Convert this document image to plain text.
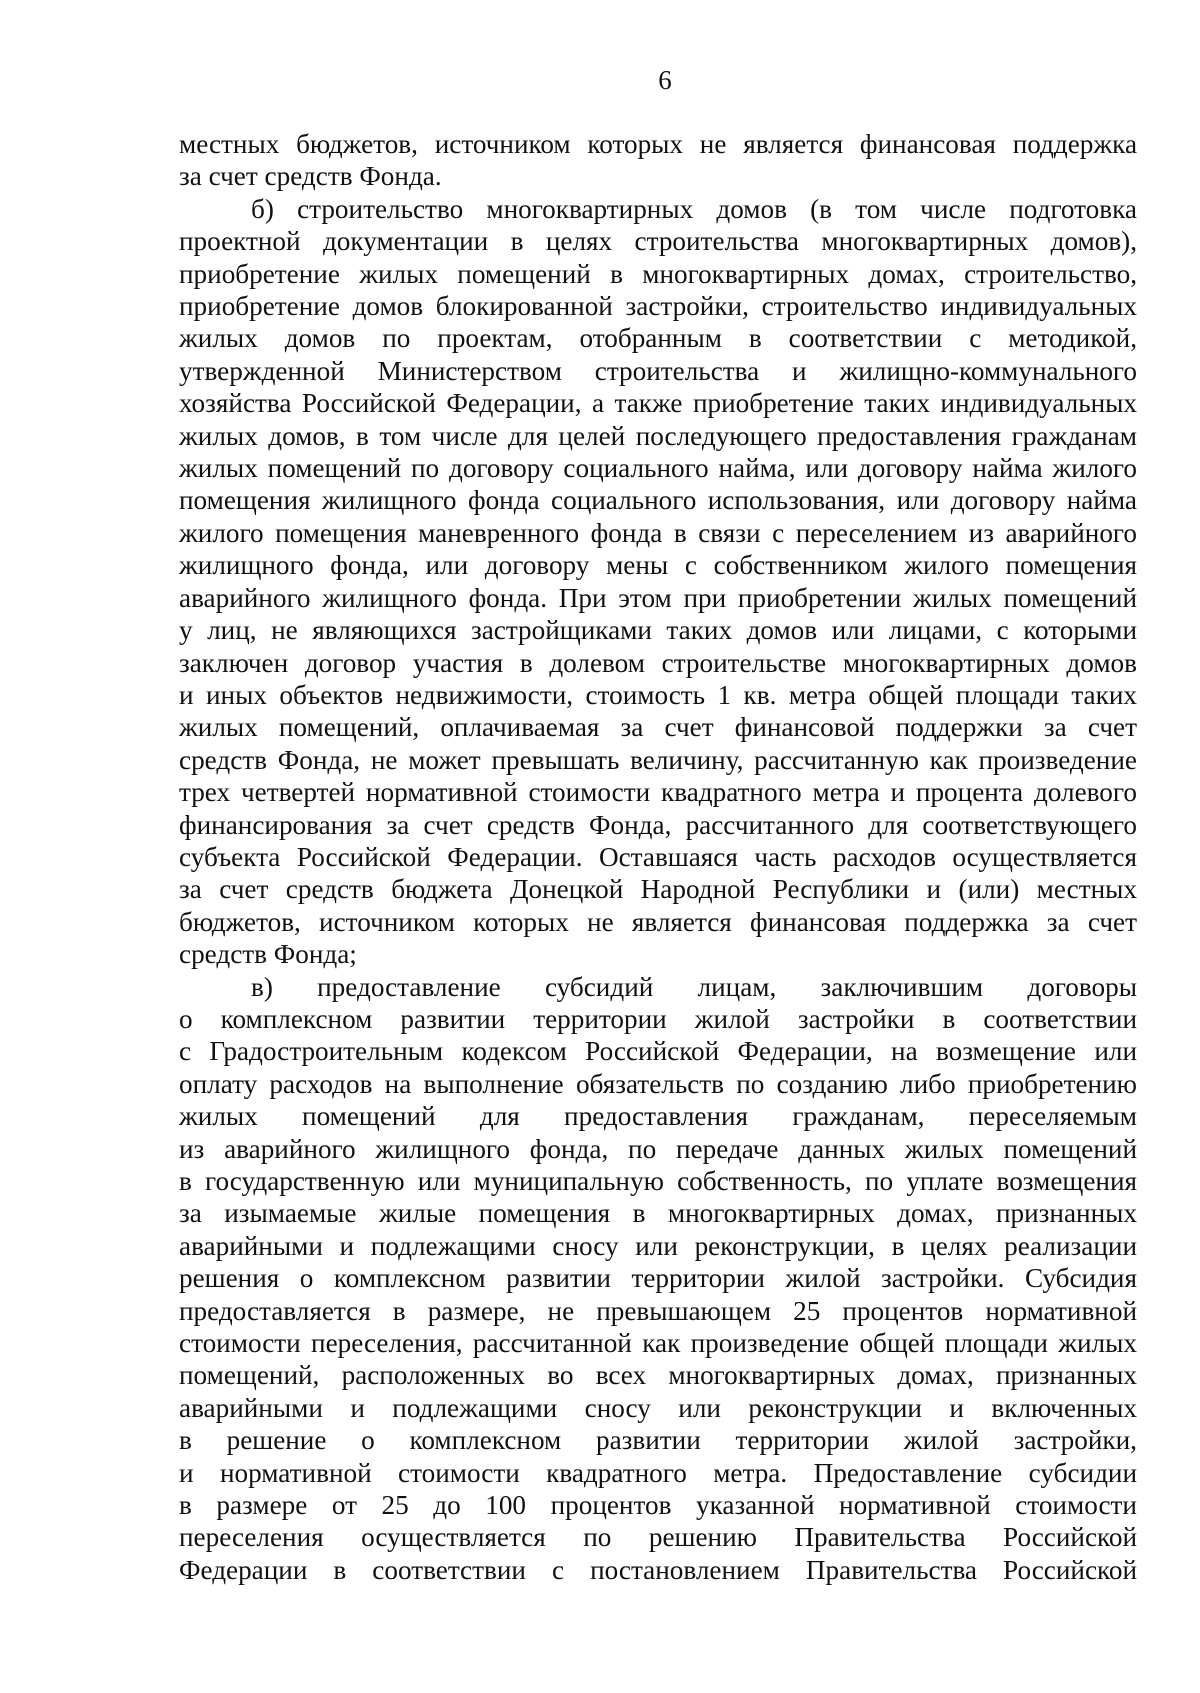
6
местных бюджетов, источником которых не является финансовая поддержка
за счет средств Фонда.
б) строительство многоквартирных домов (в том числе подготовка
проектной документации в целях строительства многоквартирных домов),
приобретение жилых помещений в многоквартирных домах, строительство,
приобретение домов блокированной застройки, строительство индивидуальных
жилых домов по проектам, отобранным в соответствии с методикой,
утвержденной Министерством строительства и жилищно-коммунального
хозяйства Российской Федерации, а также приобретение таких индивидуальных
жилых домов, в том числе для целей последующего предоставления гражданам
жилых помещений по договору социального найма, или договору найма жилого
помещения жилищного фонда социального использования, или договору найма
жилого помещения маневренного фонда в связи с переселением из аварийного
жилищного фонда, или договору мены с собственником жилого помещения
аварийного жилищного фонда. При этом при приобретении жилых помещений
у лиц, не являющихся застройщиками таких домов или лицами, с которыми
заключен договор участия в долевом строительстве многоквартирных домов
и иных объектов недвижимости, стоимость 1 кв. метра общей площади таких
жилых помещений, оплачиваемая за счет финансовой поддержки за счет
средств Фонда, не может превышать величину, рассчитанную как произведение
трех четвертей нормативной стоимости квадратного метра и процента долевого
финансирования за счет средств Фонда, рассчитанного для соответствующего
субъекта Российской Федерации. Оставшаяся часть расходов осуществляется
за счет средств бюджета Донецкой Народной Республики и (или) местных
бюджетов, источником которых не является финансовая поддержка за счет
средств Фонда;
в) предоставление субсидий лицам, заключившим договоры
о комплексном развитии территории жилой застройки в соответствии
с Градостроительным кодексом Российской Федерации, на возмещение или
оплату расходов на выполнение обязательств по созданию либо приобретению
жилых помещений для предоставления гражданам, переселяемым
из аварийного жилищного фонда, по передаче данных жилых помещений
в государственную или муниципальную собственность, по уплате возмещения
за изымаемые жилые помещения в многоквартирных домах, признанных
аварийными и подлежащими сносу или реконструкции, в целях реализации
решения о комплексном развитии территории жилой застройки. Субсидия
предоставляется в размере, не превышающем 25 процентов нормативной
стоимости переселения, рассчитанной как произведение общей площади жилых
помещений, расположенных во всех многоквартирных домах, признанных
аварийными и подлежащими сносу или реконструкции и включенных
в решение о комплексном развитии территории жилой застройки,
и нормативной стоимости квадратного метра. Предоставление субсидии
в размере от 25 до 100 процентов указанной нормативной стоимости
переселения осуществляется по решению Правительства Российской
Федерации в соответствии с постановлением Правительства Российской
